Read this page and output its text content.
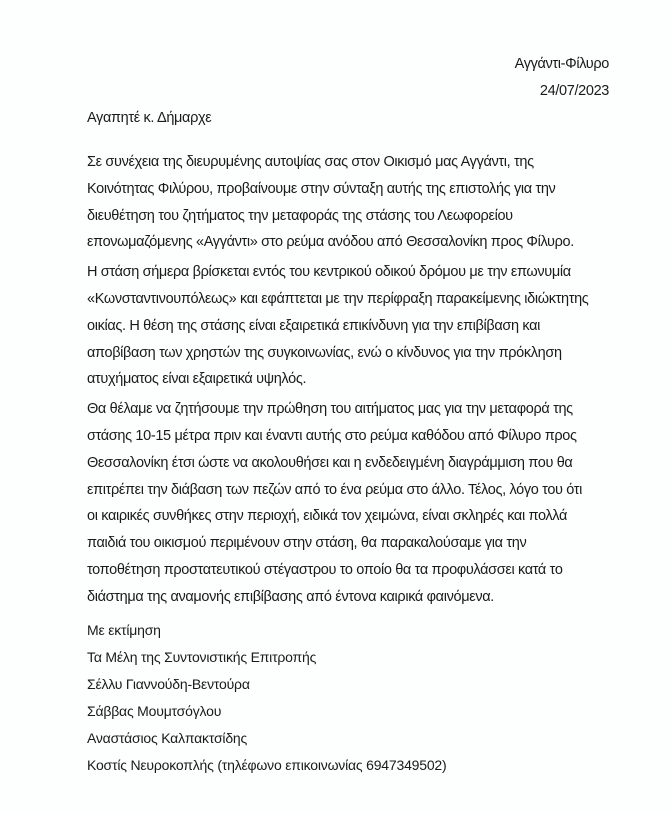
Αγγάντι-Φίλυρο
24/07/2023
Αγαπητέ κ. Δήμαρχε
Σε συνέχεια της διευρυμένης αυτοψίας σας στον Οικισμό μας Αγγάντι, της
Κοινότητας Φιλύρου, προβαίνουμε στην σύνταξη αυτής της επιστολής για την
διευθέτηση του ζητήματος την μεταφοράς της στάσης του Λεωφορείου
επονωμαζόμενης «Αγγάντι» στο ρεύμα ανόδου από Θεσσαλονίκη προς Φίλυρο.
Η στάση σήμερα βρίσκεται εντός του κεντρικού οδικού δρόμου με την επωνυμία
«Κωνσταντινουπόλεως» και εφάπτεται με την περίφραξη παρακείμενης ιδιώκτητης
οικίας. Η θέση της στάσης είναι εξαιρετικά επικίνδυνη για την επιβίβαση και
αποβίβαση των χρηστών της συγκοινωνίας, ενώ ο κίνδυνος για την πρόκληση
ατυχήματος είναι εξαιρετικά υψηλός.
Θα θέλαμε να ζητήσουμε την πρώθηση του αιτήματος μας για την μεταφορά της
στάσης 10-15 μέτρα πριν και έναντι αυτής στο ρεύμα καθόδου από Φίλυρο προς
Θεσσαλονίκη έτσι ώστε να ακολουθήσει και η ενδεδειγμένη διαγράμμιση που θα
επιτρέπει την διάβαση των πεζών από το ένα ρεύμα στο άλλο. Τέλος, λόγο του ότι
οι καιρικές συνθήκες στην περιοχή, ειδικά τον χειμώνα, είναι σκληρές και πολλά
παιδιά του οικισμού περιμένουν στην στάση, θα παρακαλούσαμε για την
τοποθέτηση προστατευτικού στέγαστρου το οποίο θα τα προφυλάσσει κατά το
διάστημα της αναμονής επιβίβασης από έντονα καιρικά φαινόμενα.
Με εκτίμηση
Τα Μέλη της Συντονιστικής Επιτροπής
Σέλλυ Γιαννούδη-Βεντούρα
Σάββας Μουμτσόγλου
Αναστάσιος Καλπακτσίδης
Κοστίς Νευροκοπλής (τηλέφωνο επικοινωνίας 6947349502)
